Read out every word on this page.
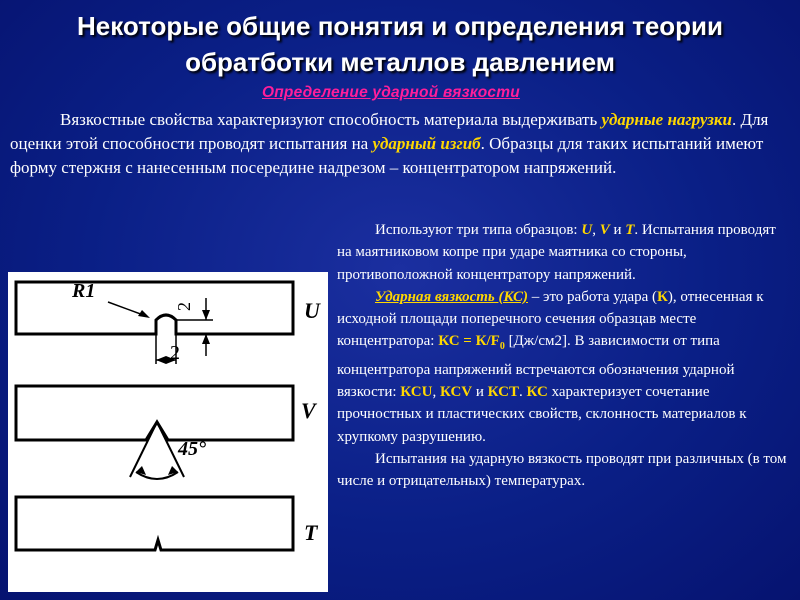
Некоторые общие понятия и определения теории обратботки металлов давлением
Определение ударной вязкости

Вязкостные свойства характеризуют способность материала выдерживать ударные нагрузки. Для оценки этой способности проводят испытания на ударный изгиб. Образцы для таких испытаний имеют форму стержня с нанесенным посередине надрезом – концентратором напряжений.

R1
2
2
U
V
T
45°

Используют три типа образцов: U, V и T. Испытания проводят на маятниковом копре при ударе маятника со стороны, противоположной концентратору напряжений.

Ударная вязкость (КС) – это работа удара (К), отнесенная к исходной площади поперечного сечения образцав месте концентратора: КС = $К/F_0$ [Дж/см2]. В зависимости от типа концентратора напряжений встречаются обозначения ударной вязкости: КСU, КСV и КСТ. КС характеризует сочетание прочностных и пластических свойств, склонность материалов к хрупкому разрушению.

Испытания на ударную вязкость проводят при различных (в том числе и отрицательных) температурах.
